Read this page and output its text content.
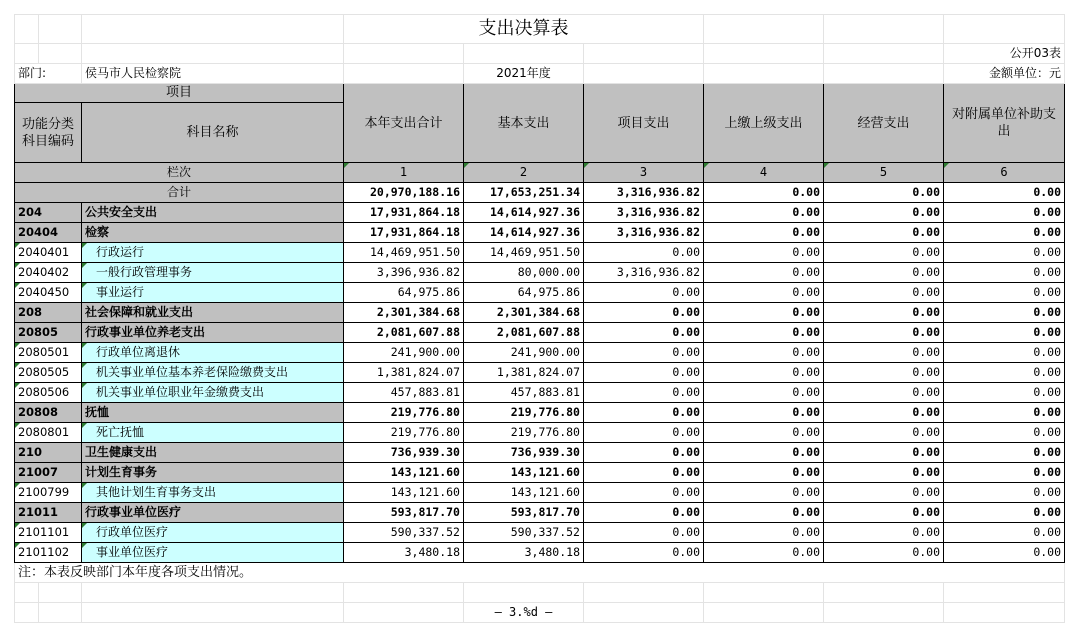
			支出决算表					
								公开03表
部门:		侯马市人民检察院		2021年度				金额单位：元
项目			本年支出合计	基本支出	项目支出	上缴上级支出	经营支出	对附属单位补助支出
功能分类科目编码		科目名称						
栏次			1	2	3	4	5	6
合计			20,970,188.16	17,653,251.34	3,316,936.82	0.00	0.00	0.00
204		公共安全支出	17,931,864.18	14,614,927.36	3,316,936.82	0.00	0.00	0.00
20404		检察	17,931,864.18	14,614,927.36	3,316,936.82	0.00	0.00	0.00
2040401		行政运行	14,469,951.50	14,469,951.50	0.00	0.00	0.00	0.00
2040402		一般行政管理事务	3,396,936.82	80,000.00	3,316,936.82	0.00	0.00	0.00
2040450		事业运行	64,975.86	64,975.86	0.00	0.00	0.00	0.00
208		社会保障和就业支出	2,301,384.68	2,301,384.68	0.00	0.00	0.00	0.00
20805		行政事业单位养老支出	2,081,607.88	2,081,607.88	0.00	0.00	0.00	0.00
2080501		行政单位离退休	241,900.00	241,900.00	0.00	0.00	0.00	0.00
2080505		机关事业单位基本养老保险缴费支出	1,381,824.07	1,381,824.07	0.00	0.00	0.00	0.00
2080506		机关事业单位职业年金缴费支出	457,883.81	457,883.81	0.00	0.00	0.00	0.00
20808		抚恤	219,776.80	219,776.80	0.00	0.00	0.00	0.00
2080801		死亡抚恤	219,776.80	219,776.80	0.00	0.00	0.00	0.00
210		卫生健康支出	736,939.30	736,939.30	0.00	0.00	0.00	0.00
21007		计划生育事务	143,121.60	143,121.60	0.00	0.00	0.00	0.00
2100799		其他计划生育事务支出	143,121.60	143,121.60	0.00	0.00	0.00	0.00
21011		行政事业单位医疗	593,817.70	593,817.70	0.00	0.00	0.00	0.00
2101101		行政单位医疗	590,337.52	590,337.52	0.00	0.00	0.00	0.00
2101102		事业单位医疗	3,480.18	3,480.18	0.00	0.00	0.00	0.00
注：本表反映部门本年度各项支出情况。								

				— 3.%d —				
